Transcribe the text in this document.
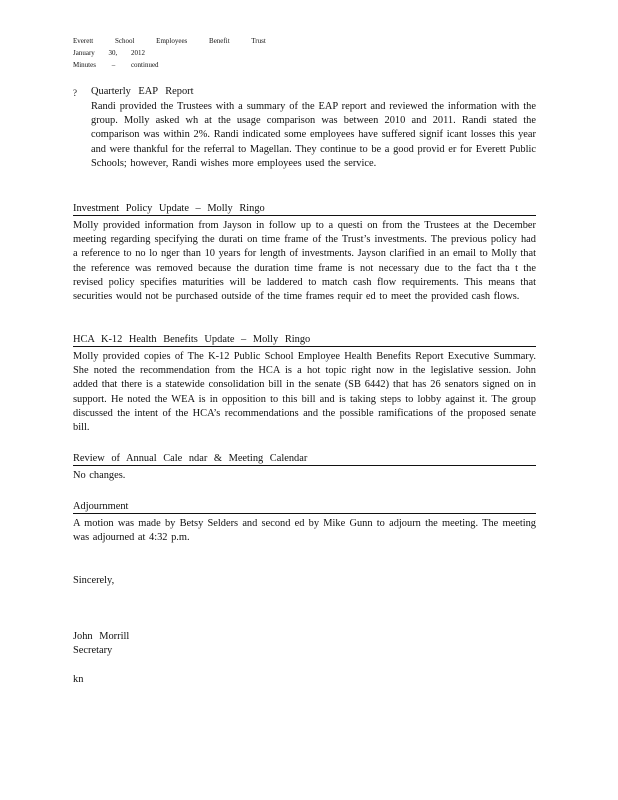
Everett	School	Employees	Benefit	Trust
January 30, 2012
Minutes – continued
? Quarterly EAP Report
Randi provided the Trustees with a summary of the EAP report and reviewed the information with the group. Molly asked wh at the usage comparison was between 2010 and 2011. Randi stated the comparison was within 2%. Randi indicated some employees have suffered signif icant losses this year and were thankful for the referral to Magellan. They continue to be a good provid er for Everett Public Schools; however, Randi wishes more employees used the service.
Investment Policy Update – Molly Ringo
Molly provided information from Jayson in follow up to a questi on from the Trustees at the December meeting regarding specifying the durati on time frame of the Trust’s investments. The previous policy had a reference to no lo nger than 10 years for length of investments. Jayson clarified in an email to Molly that the reference was removed because the duration time frame is not necessary due to the fact tha t the revised policy specifies maturities will be laddered to match cash flow requirements. This means that securities would not be purchased outside of the time frames requir ed to meet the provided cash flows.
HCA K-12 Health Benefits Update – Molly Ringo
Molly provided copies of The K-12 Public School Employee Health Benefits Report Executive Summary. She noted the recommendation from the HCA is a hot topic right now in the legislative session. John added that there is a statewide consolidation bill in the senate (SB 6442) that has 26 senators signed on in support. He noted the WEA is in opposition to this bill and is taking steps to lobby against it. The group discussed the intent of the HCA’s recommendations and the possible ramifications of the proposed senate bill.
Review of Annual Cale ndar & Meeting Calendar
No changes.
Adjournment
A motion was made by Betsy Selders and second ed by Mike Gunn to adjourn the meeting. The meeting was adjourned at 4:32 p.m.
Sincerely,
John Morrill
Secretary
kn
